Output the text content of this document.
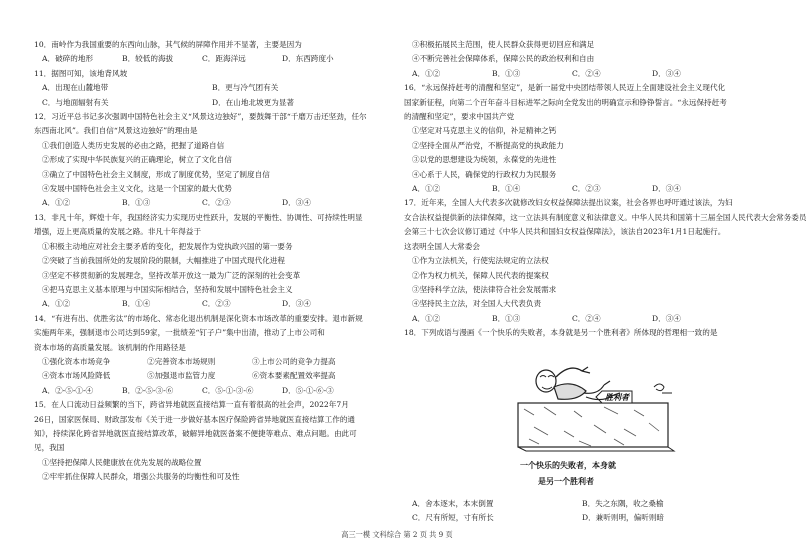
10．南岭作为我国重要的东西向山脉，其气候的屏障作用并不显著，主要是因为
A．破碎的地形	B．较低的海拔	C．距海洋远	D．东西跨度小
11．据图可知，该地背风坡
A．出现在山麓地带	B．更与冷气团有关
C．与地面辐射有关	D．在山地北坡更为显著
12．习近平总书记多次强调中国特色社会主义“风景这边独好”，要鼓舞干部“千磨万击还坚劲，任尔
东西南北风”。我们自信“风景这边独好”的理由是
①我们创造人类历史发展的必由之路，把握了道路自信
②形成了实现中华民族复兴的正确理论，树立了文化自信
③确立了中国特色社会主义制度，形成了制度优势，坚定了制度自信
④发展中国特色社会主义文化，这是一个国家的最大优势
A．①②	B．①③	C．②③	D．③④
13．非凡十年，辉煌十年，我国经济实力实现历史性跃升，发展的平衡性、协调性、可持续性明显
增强，迈上更高质量的发展之路。非凡十年得益于
①积极主动地应对社会主要矛盾的变化，把发展作为党执政兴国的第一要务
②突破了当前我国所处的发展阶段的限制，大幅推进了中国式现代化进程
③坚定不移贯彻新的发展理念，坚持改革开放这一最为广泛的深刻的社会变革
④把马克思主义基本原理与中国实际相结合，坚持和发展中国特色社会主义
A．①②	B．①④	C．②③	D．③④
14．“有进有出、优胜劣汰”的市场化、常态化退出机制是深化资本市场改革的重要安排。退市新规
实施两年来，强制退市公司达到59家，一批绩差“钉子户”集中出清，推动了上市公司和
资本市场的高质量发展。该机制的作用路径是
①强化资本市场竞争	②完善资本市场规则	③上市公司的竞争力提高
④资本市场风险降低	⑤加强退市监管力度	⑥资本要素配置效率提高
A．②-⑤-①-④	B．②-⑤-③-⑥	C．⑤-①-③-⑥	D．⑤-①-⑥-③
15．在人口流动日益频繁的当下，跨省异地就医直接结算一直有着很高的社会声，2022年7月
26日，国家医保局、财政部发布《关于进一步做好基本医疗保险跨省异地就医直接结算工作的通
知》，持续深化跨省异地就医直接结算改革，破解异地就医备案不便捷等难点、难点问题。由此可
见，我国
①坚持把保障人民健康放在优先发展的战略位置
②牢牢抓住保障人民群众，增强公共服务的均衡性和可及性
③积极拓展民主范围，使人民群众获得更切回应和满足
④不断完善社会保障体系，保障公民的政治权利和自由
A．①②	B．①③	C．②④	D．③④
16．“永远保持赶考的清醒和坚定”，是新一届党中央团结带领人民迈上全面建设社会主义现代化
国家新征程，向第二个百年奋斗目标进军之际向全党发出的明确宣示和铮铮誓言。“永远保持赶考
的清醒和坚定”，要求中国共产党
①坚定对马克思主义的信仰，补足精神之钙
②坚持全面从严治党，不断提高党的执政能力
③以党的思想建设为统领，永葆党的先进性
④心系于人民，确保党的行政权力为民服务
A．①②	B．①④	C．②③	D．③④
17．近年来，全国人大代表多次就修改妇女权益保障法提出议案，社会各界也呼吁通过该法，为妇
女合法权益提供新的法律保障，这一立法具有制度意义和法律意义。中华人民共和国第十三届全国人民代表大会常务委员
会第三十七次会议修订通过《中华人民共和国妇女权益保障法》，该法自2023年1月1日起施行。
这表明全国人大常委会
①作为立法机关，行使宪法规定的立法权
②作为权力机关，保障人民代表的提案权
③坚持科学立法，使法律符合社会发展需求
④坚持民主立法，对全国人大代表负责
A．①②	B．①③	C．②④	D．③④
18．下列成语与漫画《一个快乐的失败者，本身就是另一个胜利者》所体现的哲理相一致的是
胜利者
一个快乐的失败者，本身就
是另一个胜利者
A．舍本逐末，本末倒置	B．失之东隅，收之桑榆
C．尺有所短，寸有所长	D．兼听则明，偏听则暗
高三一模 文科综合 第 2 页 共 9 页
